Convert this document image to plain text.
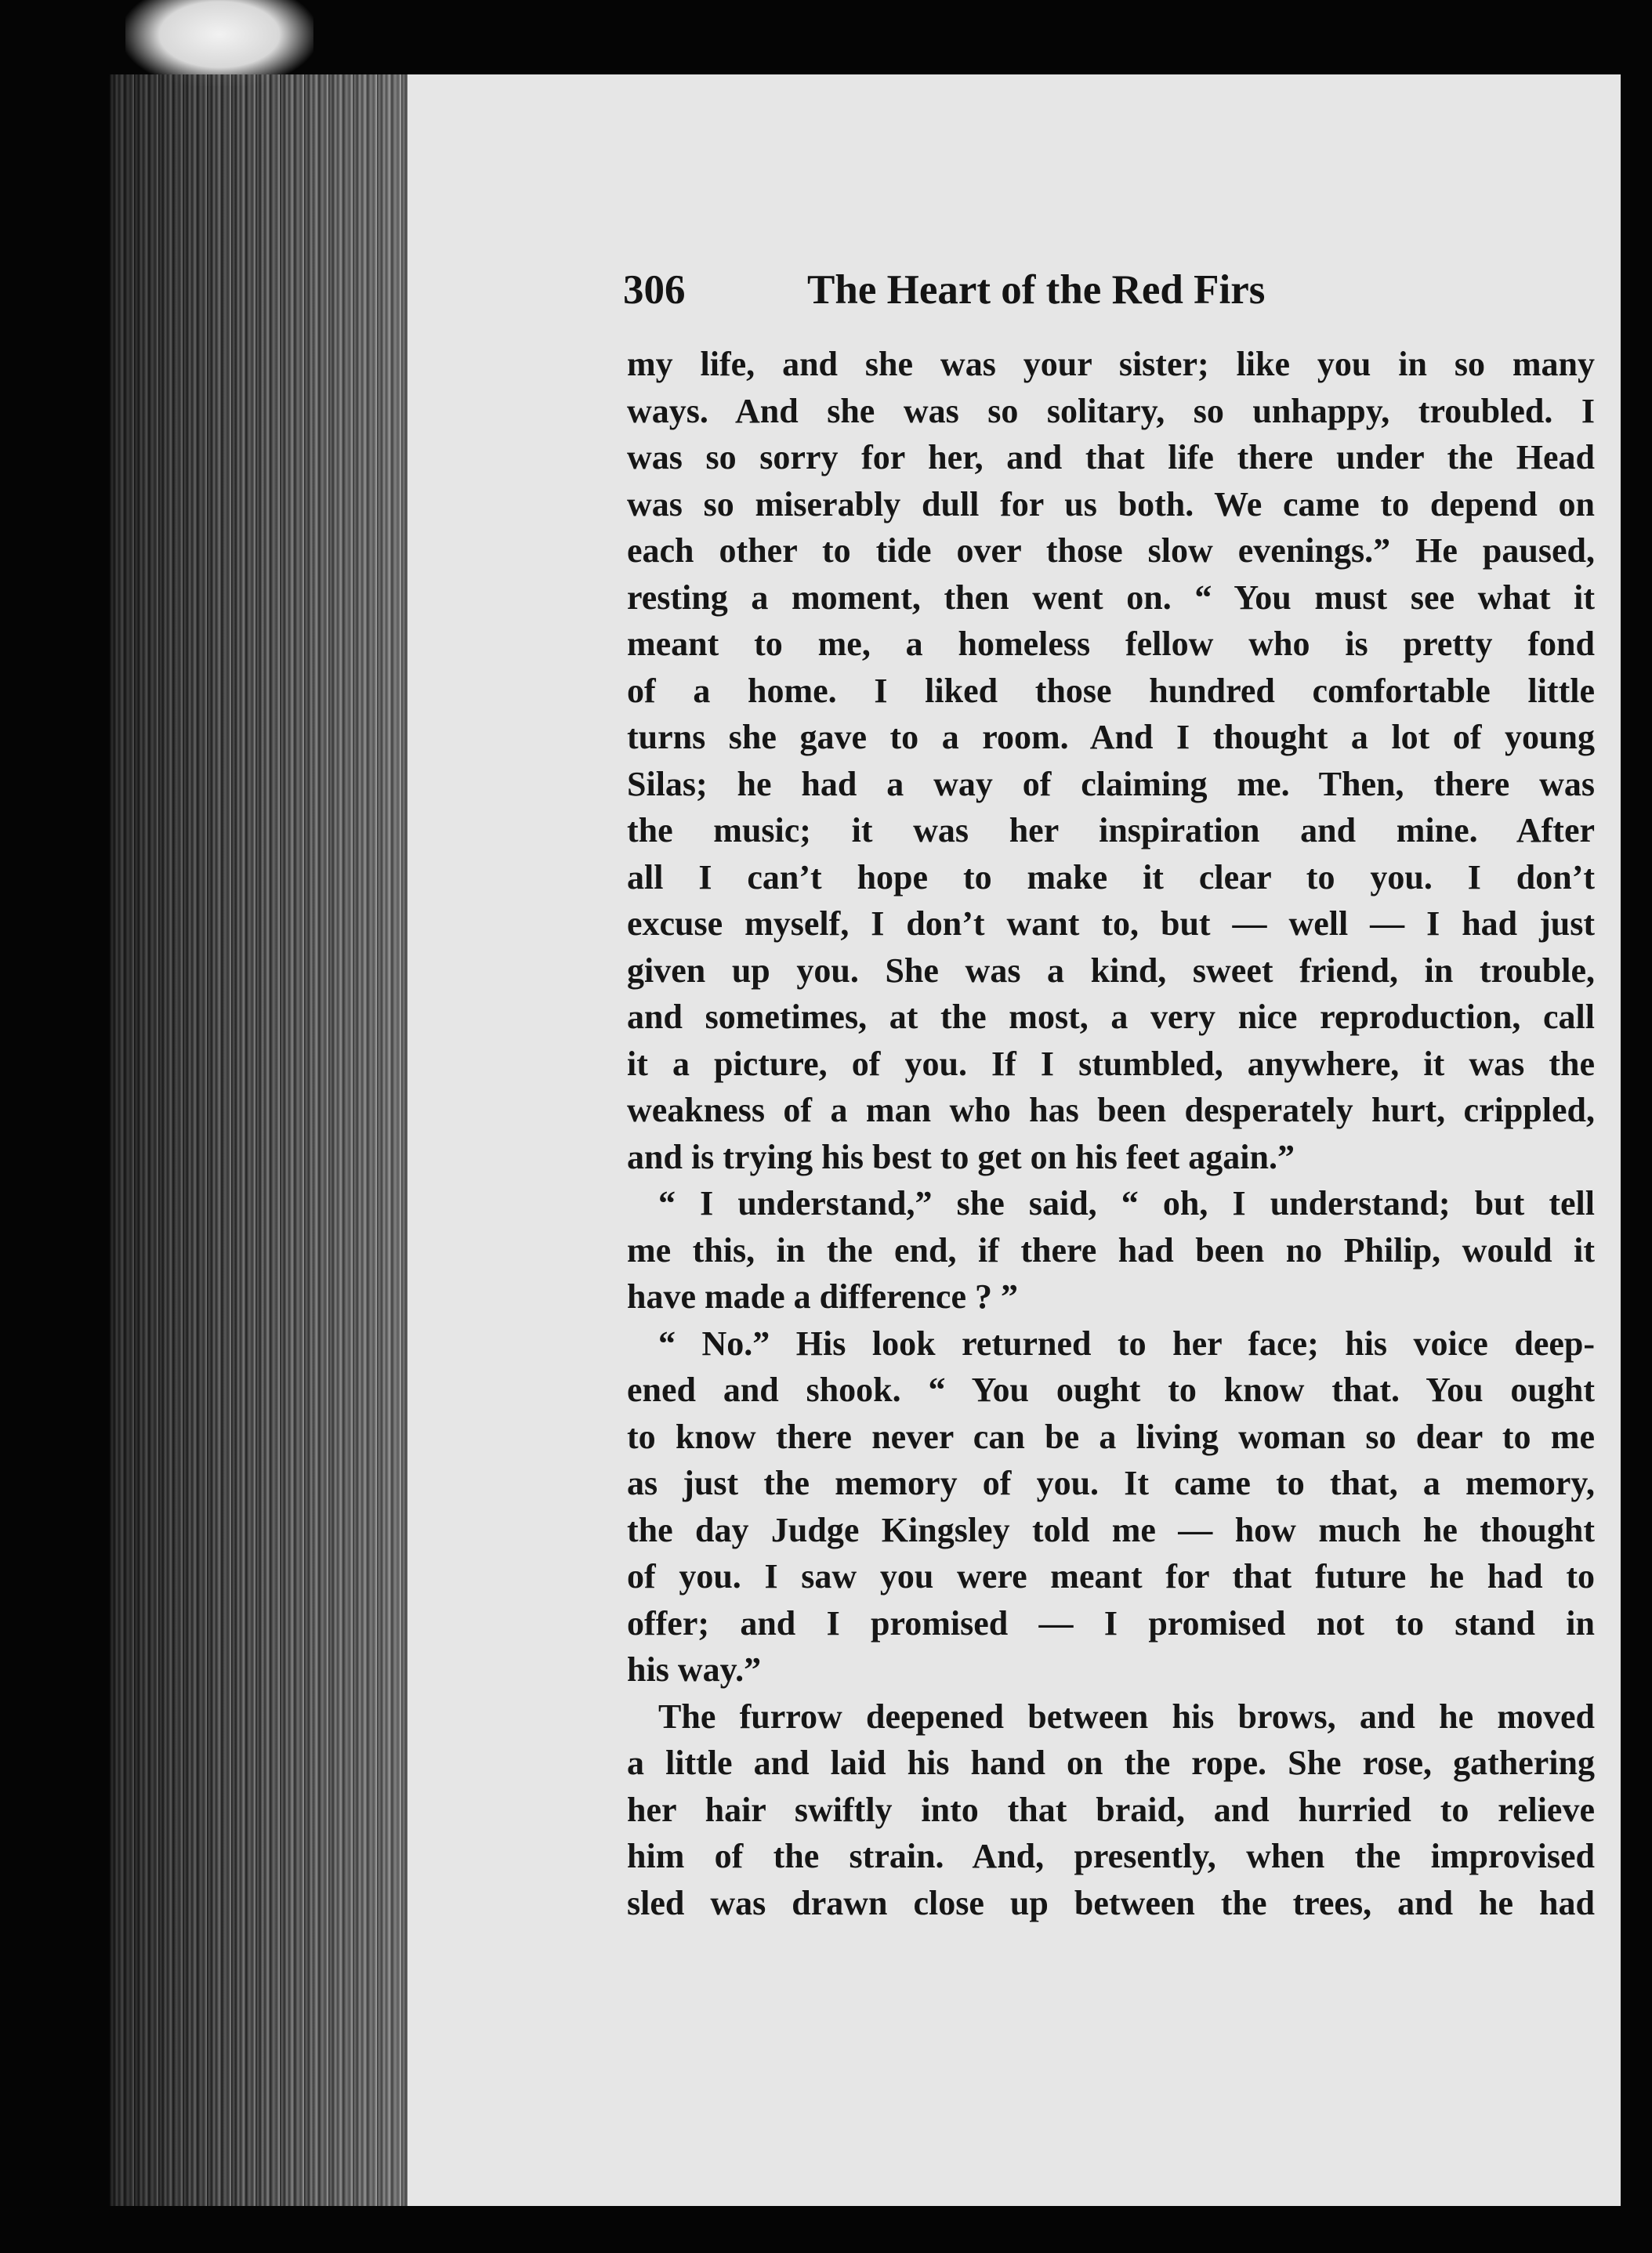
306	The Heart of the Red Firs
my life, and she was your sister; like you in so many
ways. And she was so solitary, so unhappy, troubled. I
was so sorry for her, and that life there under the Head
was so miserably dull for us both. We came to depend on
each other to tide over those slow evenings.” He paused,
resting a moment, then went on. “ You must see what it
meant to me, a homeless fellow who is pretty fond
of a home. I liked those hundred comfortable little
turns she gave to a room. And I thought a lot of young
Silas; he had a way of claiming me. Then, there was
the music; it was her inspiration and mine. After
all I can’t hope to make it clear to you. I don’t
excuse myself, I don’t want to, but — well — I had just
given up you. She was a kind, sweet friend, in trouble,
and sometimes, at the most, a very nice reproduction, call
it a picture, of you. If I stumbled, anywhere, it was the
weakness of a man who has been desperately hurt, crippled,
and is trying his best to get on his feet again.”
“ I understand,” she said, “ oh, I understand; but tell
me this, in the end, if there had been no Philip, would it
have made a difference ? ”
“ No.” His look returned to her face; his voice deep-
ened and shook. “ You ought to know that. You ought
to know there never can be a living woman so dear to me
as just the memory of you. It came to that, a memory,
the day Judge Kingsley told me — how much he thought
of you. I saw you were meant for that future he had to
offer; and I promised — I promised not to stand in
his way.”
The furrow deepened between his brows, and he moved
a little and laid his hand on the rope. She rose, gathering
her hair swiftly into that braid, and hurried to relieve
him of the strain. And, presently, when the improvised
sled was drawn close up between the trees, and he had
